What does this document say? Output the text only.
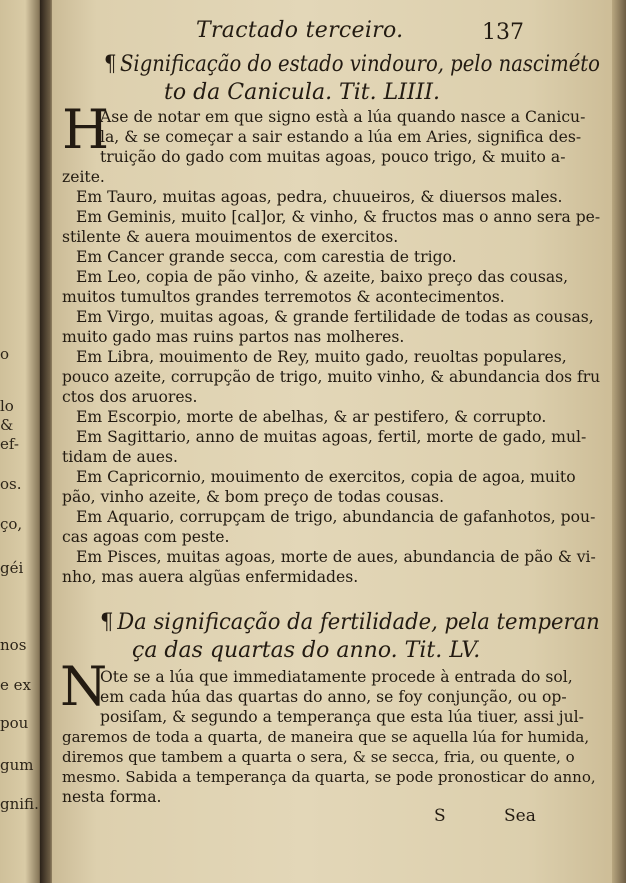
o
lo
&
ef-
os.
ço,
géi
nos
e ex
pou
gum
gnifi.
Tractado terceiro.	137
¶ Significação do estado vindouro, pelo nasciméto
to da Canicula. Tit. LIIII.
H
Ase de notar em que signo està a lúa quando nasce a Canicu-
la, & se começar a sair estando a lúa em Aries, significa des-
truição do gado com muitas agoas, pouco trigo, & muito a-
zeite.
Em Tauro, muitas agoas, pedra, chuueiros, & diuersos males.
Em Geminis, muito [cal]or, & vinho, & fructos mas o anno sera pe-
stilente & auera mouimentos de exercitos.
Em Cancer grande secca, com carestia de trigo.
Em Leo, copia de pão vinho, & azeite, baixo preço das cousas,
muitos tumultos grandes terremotos & acontecimentos.
Em Virgo, muitas agoas, & grande fertilidade de todas as cousas,
muito gado mas ruins partos nas molheres.
Em Libra, mouimento de Rey, muito gado, reuoltas populares,
pouco azeite, corrupção de trigo, muito vinho, & abundancia dos fru
ctos dos aruores.
Em Escorpio, morte de abelhas, & ar pestifero, & corrupto.
Em Sagittario, anno de muitas agoas, fertil, morte de gado, mul-
tidam de aues.
Em Capricornio, mouimento de exercitos, copia de agoa, muito
pão, vinho azeite, & bom preço de todas cousas.
Em Aquario, corrupçam de trigo, abundancia de gafanhotos, pou-
cas agoas com peste.
Em Pisces, muitas agoas, morte de aues, abundancia de pão & vi-
nho, mas auera algũas enfermidades.
¶ Da significação da fertilidade, pela temperan
ça das quartas do anno. Tit. LV.
N
Ote se a lúa que immediatamente procede à entrada do sol,
em cada húa das quartas do anno, se foy conjunção, ou op-
posiſam, & segundo a temperança que esta lúa tiuer, assi jul-
garemos de toda a quarta, de maneira que se aquella lúa for humida,
diremos que tambem a quarta o sera, & se secca, fria, ou quente, o
mesmo. Sabida a temperança da quarta, se pode pronosticar do anno,
nesta forma.
S	Sea
